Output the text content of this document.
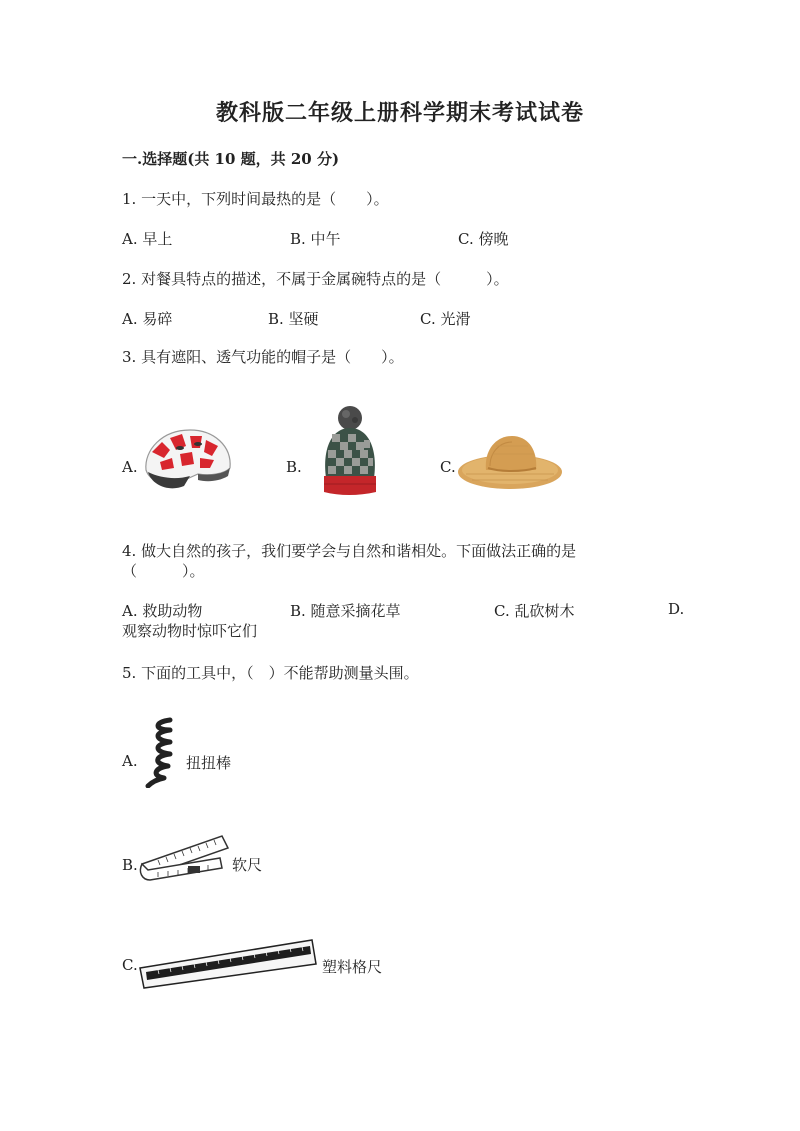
教科版二年级上册科学期末考试试卷
一.选择题(共 10 题，共 20 分)
1. 一天中，下列时间最热的是（　　）。
A. 早上	B. 中午	C. 傍晚
2. 对餐具特点的描述，不属于金属碗特点的是（　　　）。
A. 易碎	B. 坚硬	C. 光滑
3. 具有遮阳、透气功能的帽子是（　　）。
A.	B.	C.
4. 做大自然的孩子，我们要学会与自然和谐相处。下面做法正确的是
（　　　）。
A. 救助动物	B. 随意采摘花草	C. 乱砍树木	D.
观察动物时惊吓它们
5. 下面的工具中，（　）不能帮助测量头围。
A.	扭扭棒
B.	软尺
C.	塑料格尺
